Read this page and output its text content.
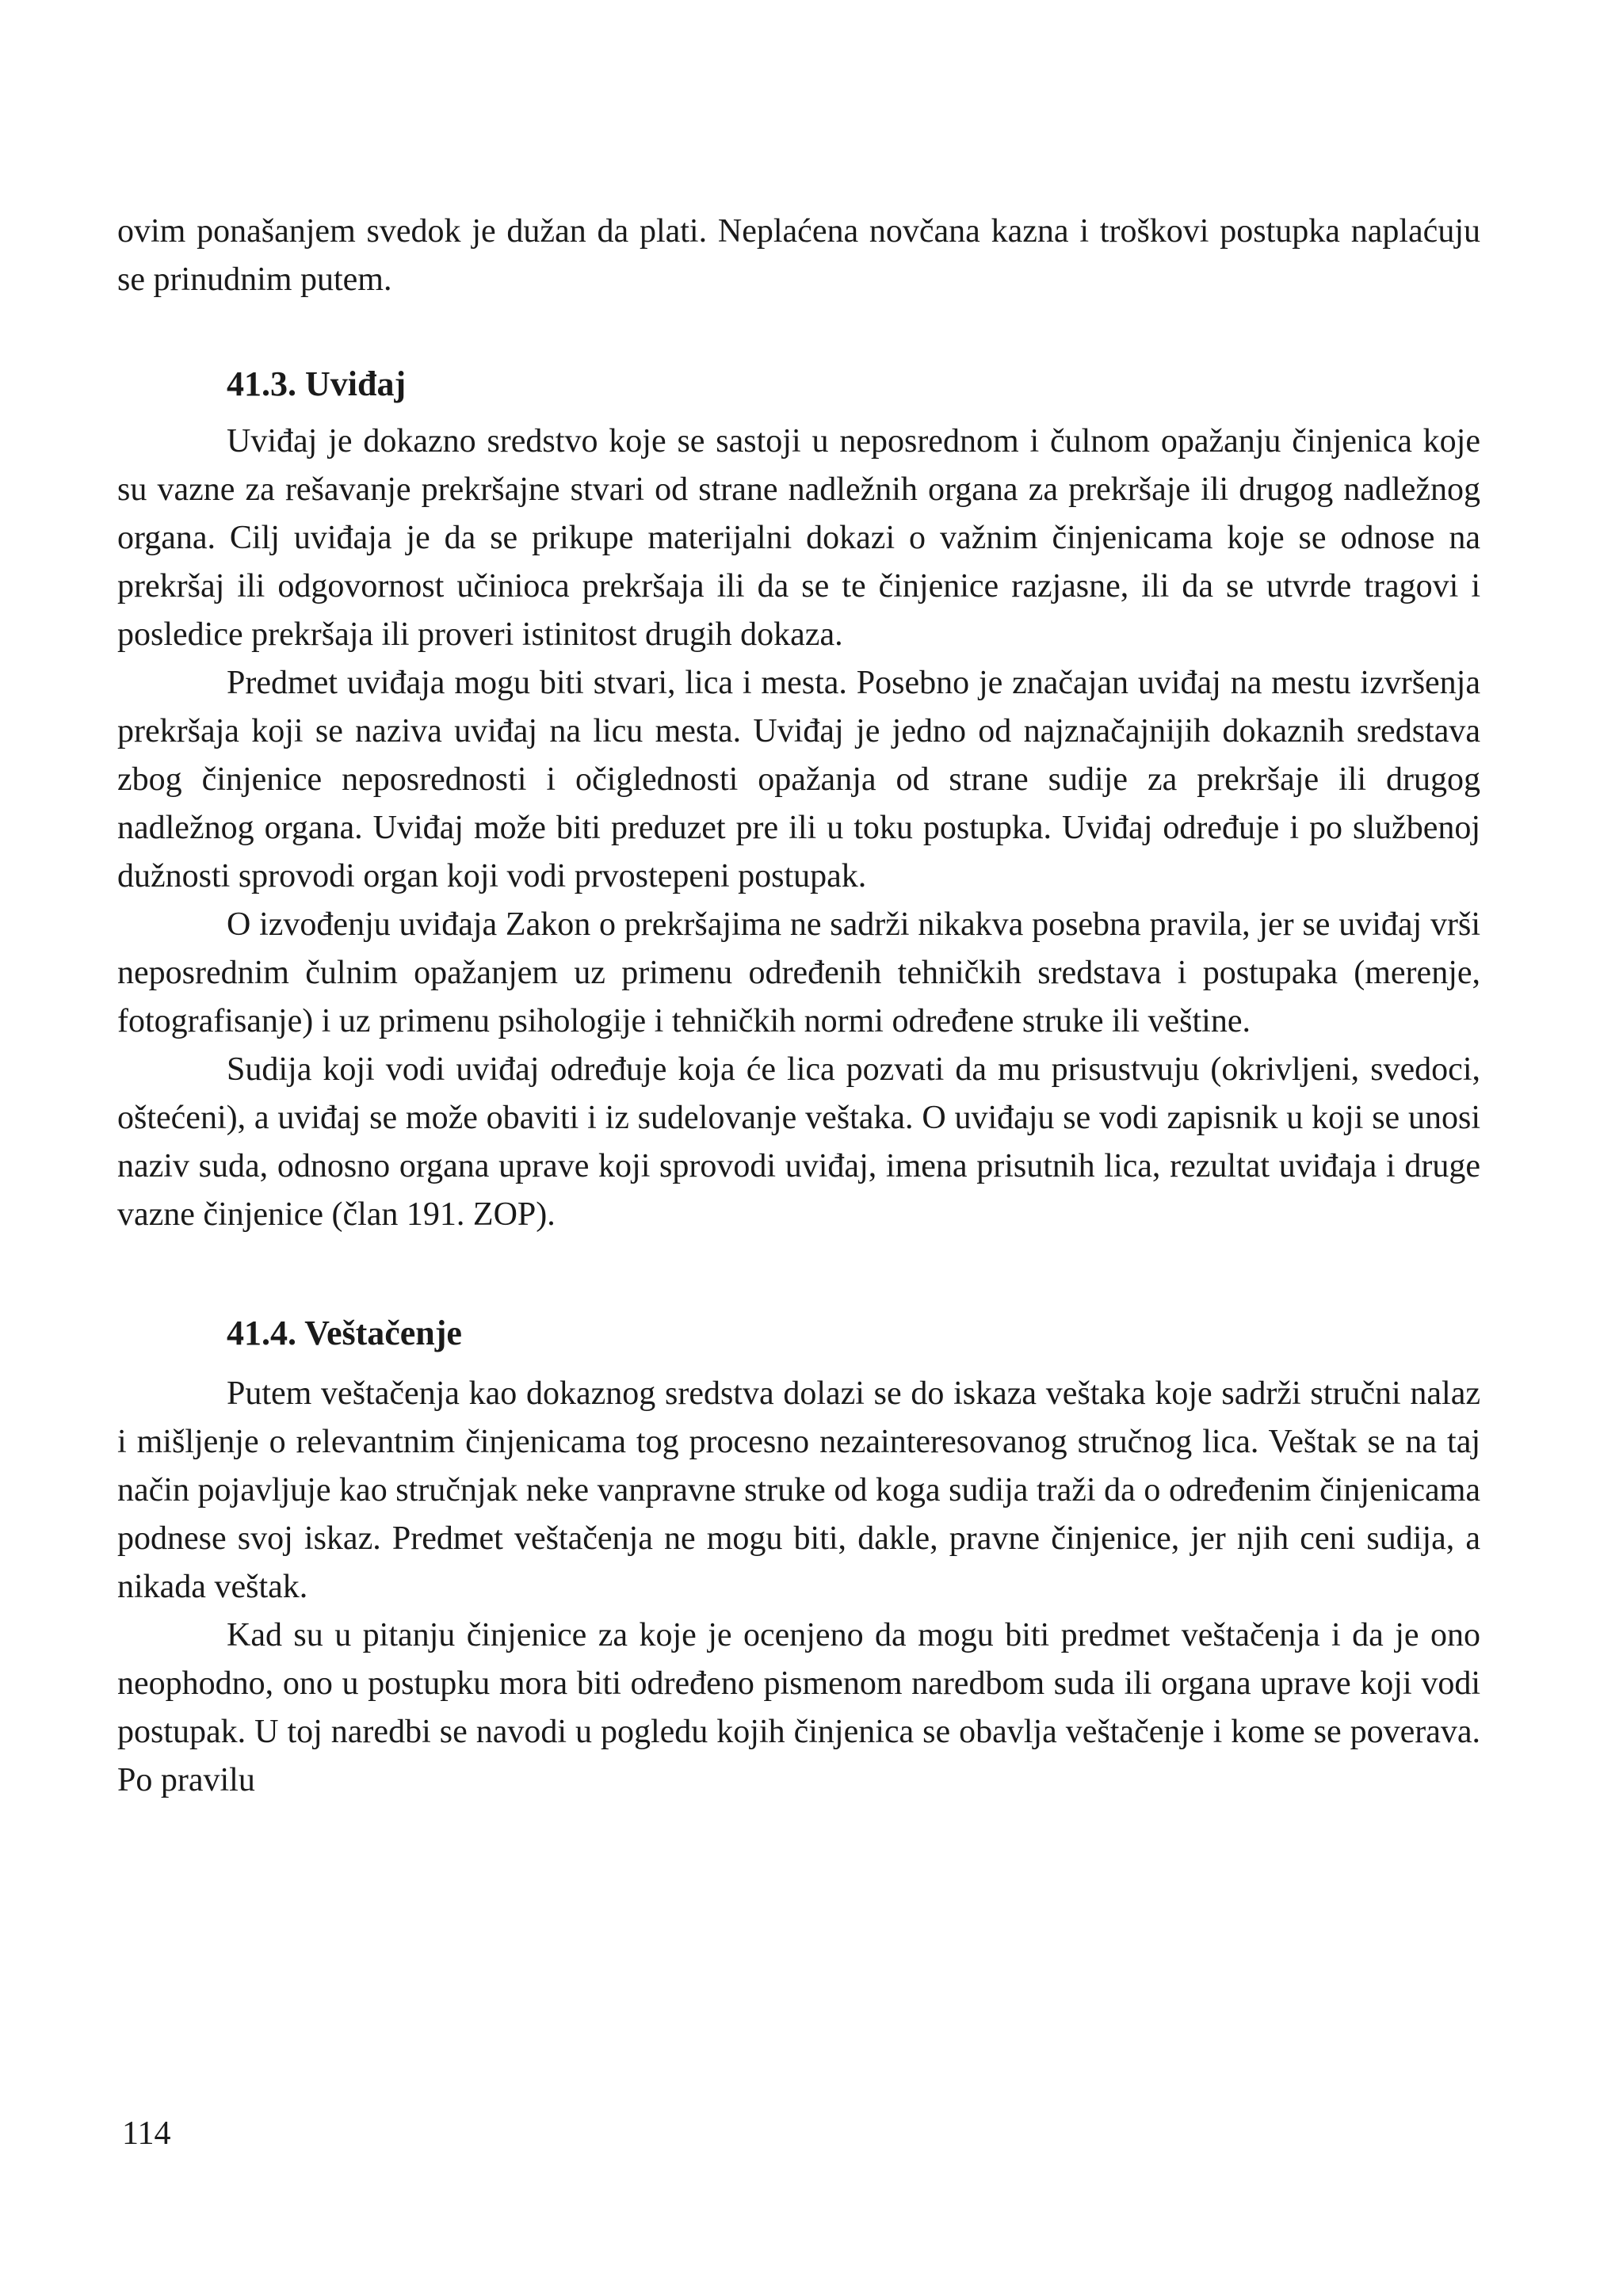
ovim ponašanjem svedok je dužan da plati. Neplaćena novčana kazna i troškovi postupka naplaćuju se prinudnim putem.

41.3. Uviđaj

Uviđaj je dokazno sredstvo koje se sastoji u neposrednom i čulnom opažanju činjenica koje su vazne za rešavanje prekršajne stvari od strane nadležnih organa za prekršaje ili drugog nadležnog organa. Cilj uviđaja je da se prikupe materijalni dokazi o važnim činjenicama koje se odnose na prekršaj ili odgovornost učinioca prekršaja ili da se te činjenice razjasne, ili da se utvrde tragovi i posledice prekršaja ili proveri istinitost drugih dokaza.

Predmet uviđaja mogu biti stvari, lica i mesta. Posebno je značajan uviđaj na mestu izvršenja prekršaja koji se naziva uviđaj na licu mesta. Uviđaj je jedno od najznačajnijih dokaznih sredstava zbog činjenice neposrednosti i očiglednosti opažanja od strane sudije za prekršaje ili drugog nadležnog organa. Uviđaj može biti preduzet pre ili u toku postupka. Uviđaj određuje i po službenoj dužnosti sprovodi organ koji vodi prvostepeni postupak.

O izvođenju uviđaja Zakon o prekršajima ne sadrži nikakva posebna pravila, jer se uviđaj vrši neposrednim čulnim opažanjem uz primenu određenih tehničkih sredstava i postupaka (merenje, fotografisanje) i uz primenu psihologije i tehničkih normi određene struke ili veštine.

Sudija koji vodi uviđaj određuje koja će lica pozvati da mu prisustvuju (okrivljeni, svedoci, oštećeni), a uviđaj se može obaviti i iz sudelovanje veštaka. O uviđaju se vodi zapisnik u koji se unosi naziv suda, odnosno organa uprave koji sprovodi uviđaj, imena prisutnih lica, rezultat uviđaja i druge vazne činjenice (član 191. ZOP).

41.4. Veštačenje

Putem veštačenja kao dokaznog sredstva dolazi se do iskaza veštaka koje sadrži stručni nalaz i mišljenje o relevantnim činjenicama tog procesno nezainteresovanog stručnog lica. Veštak se na taj način pojavljuje kao stručnjak neke vanpravne struke od koga sudija traži da o određenim činjenicama podnese svoj iskaz. Predmet veštačenja ne mogu biti, dakle, pravne činjenice, jer njih ceni sudija, a nikada veštak.

Kad su u pitanju činjenice za koje je ocenjeno da mogu biti predmet veštačenja i da je ono neophodno, ono u postupku mora biti određeno pismenom naredbom suda ili organa uprave koji vodi postupak. U toj naredbi se navodi u pogledu kojih činjenica se obavlja veštačenje i kome se poverava. Po pravilu

114
